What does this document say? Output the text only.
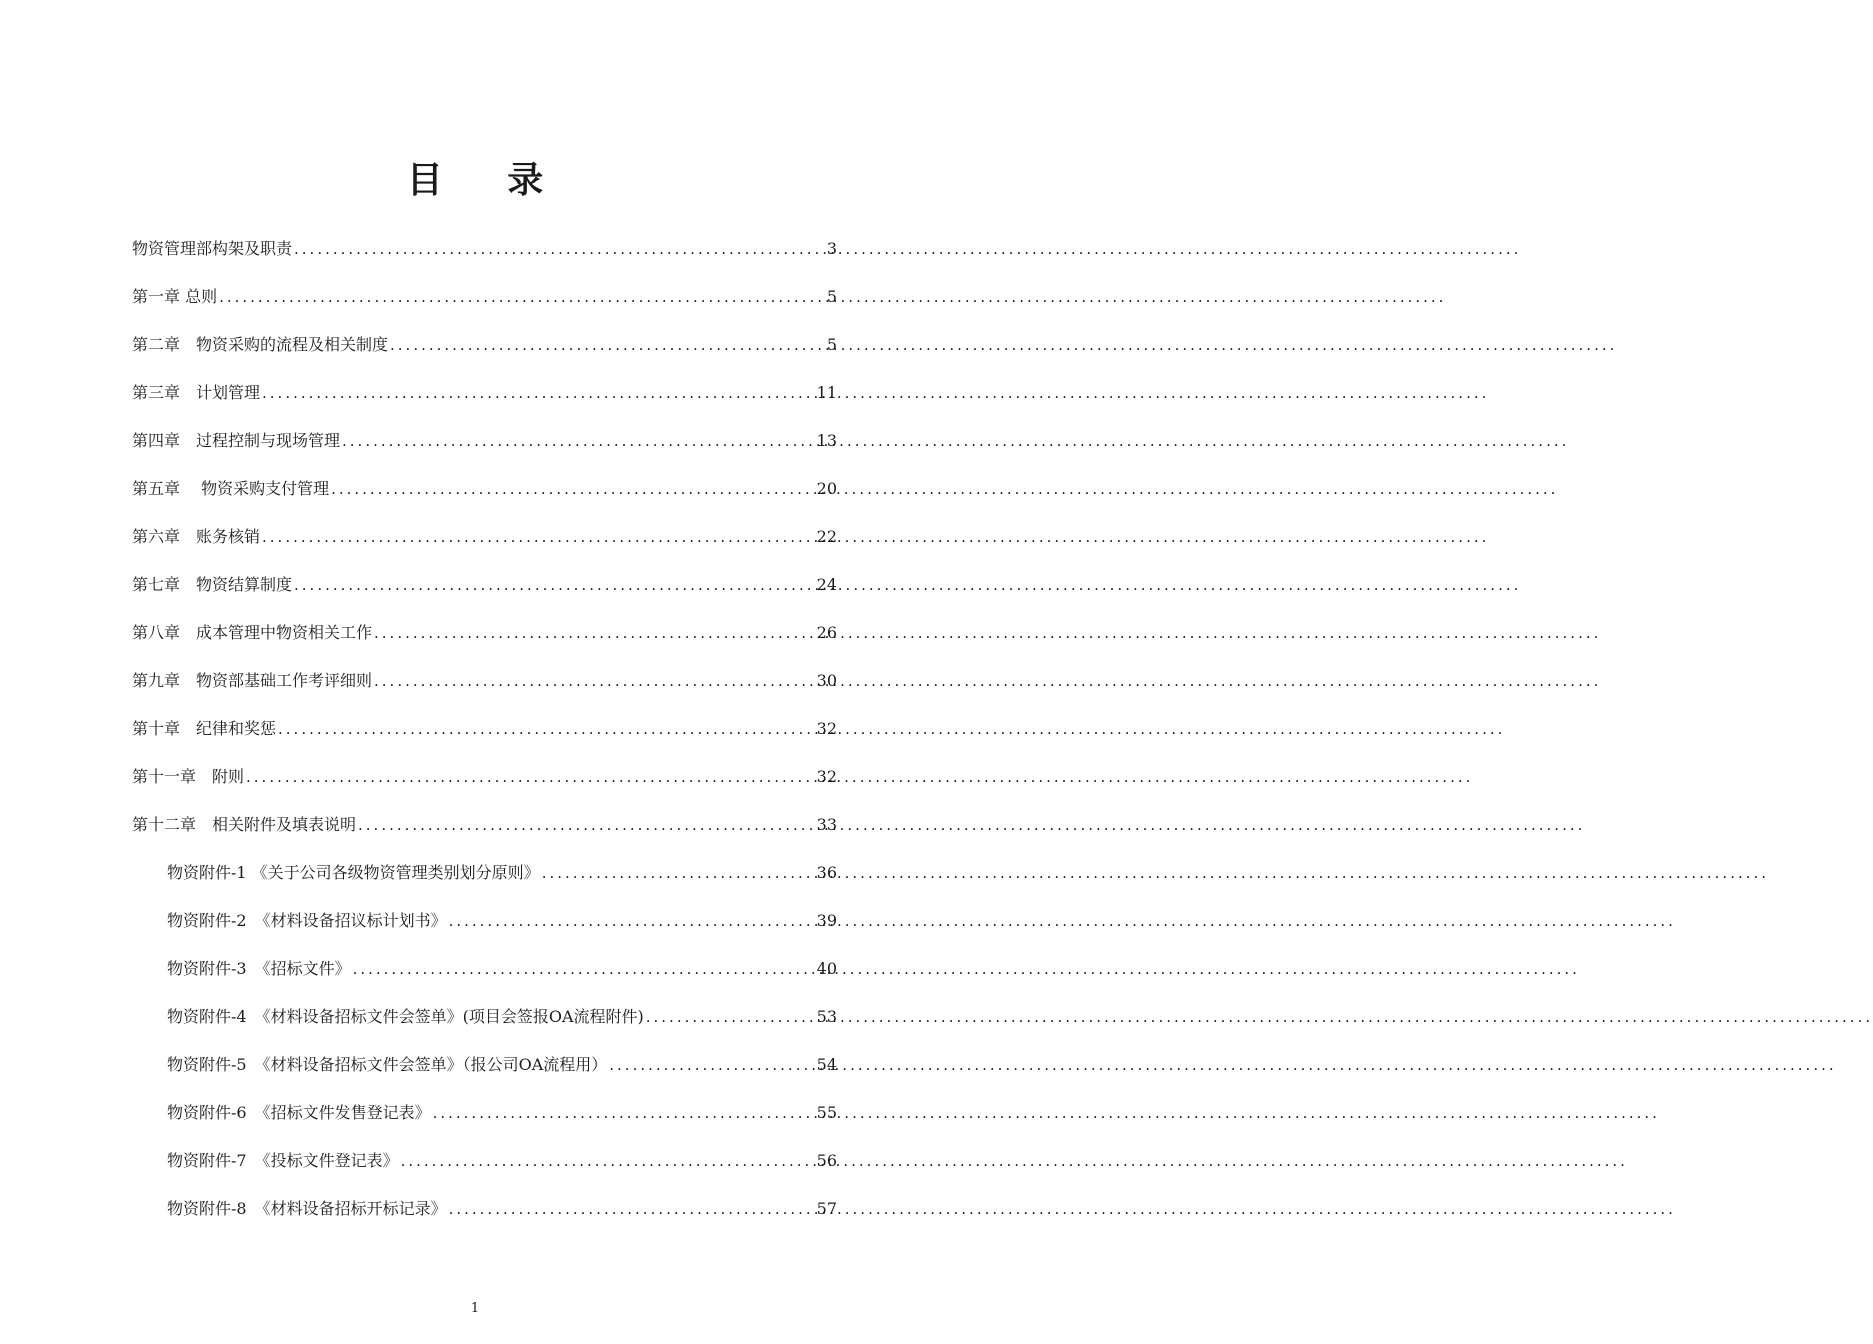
目 录
物资管理部构架及职责 .....	3
第一章 总则 .....	5
第二章　物资采购的流程及相关制度 .....	5
第三章　计划管理 .....	11
第四章　过程控制与现场管理 .....	13
第五章　 物资采购支付管理 .....	20
第六章　账务核销 .....	22
第七章　物资结算制度 .....	24
第八章　成本管理中物资相关工作 .....	26
第九章　物资部基础工作考评细则 .....	30
第十章　纪律和奖惩 .....	32
第十一章　附则 .....	32
第十二章　相关附件及填表说明 .....	33
物资附件-1 《关于公司各级物资管理类别划分原则》 .....	36
物资附件-2　《材料设备招议标计划书》 .....	39
物资附件-3　《招标文件》 .....	40
物资附件-4　《材料设备招标文件会签单》(项目会签报OA流程附件) .....	53
物资附件-5　《材料设备招标文件会签单》（报公司OA流程用） .....	54
物资附件-6　《招标文件发售登记表》 .....	55
物资附件-7　《投标文件登记表》 .....	56
物资附件-8　《材料设备招标开标记录》 .....	57
1
